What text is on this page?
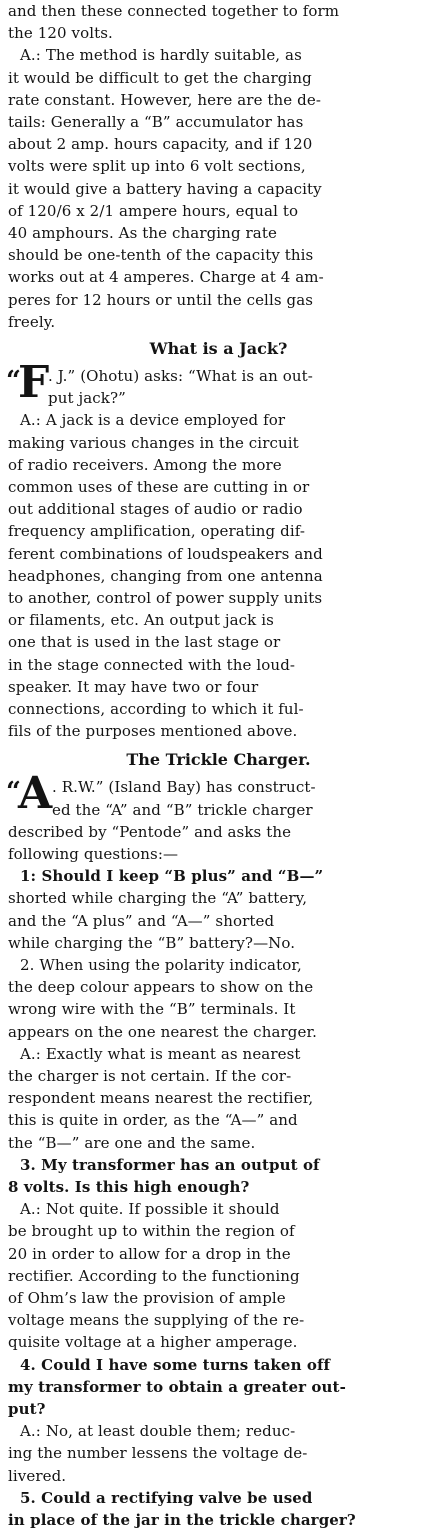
and then these connected together to form
the 120 volts.
A.: The method is hardly suitable, as
it would be difficult to get the charging
rate constant. However, here are the de-
tails: Generally a “B” accumulator has
about 2 amp. hours capacity, and if 120
volts were split up into 6 volt sections,
it would give a battery having a capacity
of 120/6 x 2/1 ampere hours, equal to
40 amphours. As the charging rate
should be one-tenth of the capacity this
works out at 4 amperes. Charge at 4 am-
peres for 12 hours or until the cells gas
freely.
What is a Jack?
“
F
. J.” (Ohotu) asks: “What is an out-
put jack?”
A.: A jack is a device employed for
making various changes in the circuit
of radio receivers. Among the more
common uses of these are cutting in or
out additional stages of audio or radio
frequency amplification, operating dif-
ferent combinations of loudspeakers and
headphones, changing from one antenna
to another, control of power supply units
or filaments, etc. An output jack is
one that is used in the last stage or
in the stage connected with the loud-
speaker. It may have two or four
connections, according to which it ful-
fils of the purposes mentioned above.
The Trickle Charger.
“
A . R.W.” (Island Bay) has construct-
ed the “A” and “B” trickle charger
described by “Pentode” and asks the
following questions:—
1: Should I keep “B plus” and “B—”
shorted while charging the “A” battery,
and the “A plus” and “A—” shorted
while charging the “B” battery?—No.
2. When using the polarity indicator,
the deep colour appears to show on the
wrong wire with the “B” terminals. It
appears on the one nearest the charger.
A.: Exactly what is meant as nearest
the charger is not certain. If the cor-
respondent means nearest the rectifier,
this is quite in order, as the “A—” and
the “B—” are one and the same.
3. My transformer has an output of
8 volts. Is this high enough?
A.: Not quite. If possible it should
be brought up to within the region of
20 in order to allow for a drop in the
rectifier. According to the functioning
of Ohm’s law the provision of ample
voltage means the supplying of the re-
quisite voltage at a higher amperage.
4. Could I have some turns taken off
my transformer to obtain a greater out-
put?
A.: No, at least double them; reduc-
ing the number lessens the voltage de-
livered.
5. Could a rectifying valve be used
in place of the jar in the trickle charger?
